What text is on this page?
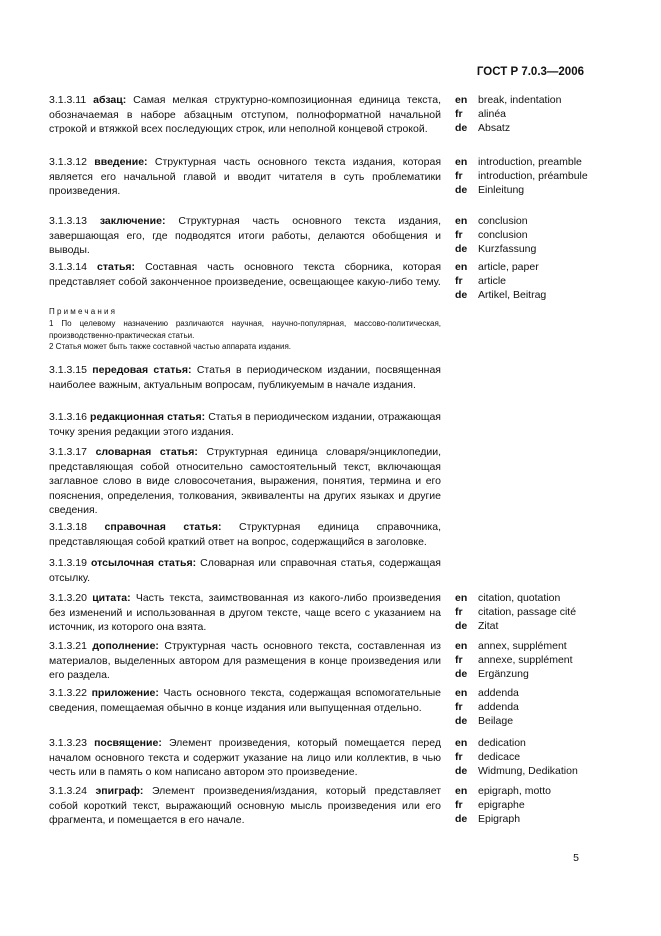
ГОСТ Р 7.0.3—2006
3.1.3.11 абзац: Самая мелкая структурно-композиционная единица текста, обозначаемая в наборе абзацным отступом, полноформатной начальной строкой и втяжкой всех последующих строк, или неполной концевой строкой.
en break, indentation
fr alinéa
de Absatz
3.1.3.12 введение: Структурная часть основного текста издания, которая является его начальной главой и вводит читателя в суть проблематики произведения.
en introduction, preamble
fr introduction, préambule
de Einleitung
3.1.3.13 заключение: Структурная часть основного текста издания, завершающая его, где подводятся итоги работы, делаются обобщения и выводы.
en conclusion
fr conclusion
de Kurzfassung
3.1.3.14 статья: Составная часть основного текста сборника, которая представляет собой законченное произведение, освещающее какую-либо тему.
en article, paper
fr article
de Artikel, Beitrag
Примечания
1 По целевому назначению различаются научная, научно-популярная, массово-политическая, производственно-практическая статьи.
2 Статья может быть также составной частью аппарата издания.
3.1.3.15 передовая статья: Статья в периодическом издании, посвященная наиболее важным, актуальным вопросам, публикуемым в начале издания.
3.1.3.16 редакционная статья: Статья в периодическом издании, отражающая точку зрения редакции этого издания.
3.1.3.17 словарная статья: Структурная единица словаря/энциклопедии, представляющая собой относительно самостоятельный текст, включающая заглавное слово в виде словосочетания, выражения, понятия, термина и его пояснения, определения, толкования, эквиваленты на других языках и другие сведения.
3.1.3.18 справочная статья: Структурная единица справочника, представляющая собой краткий ответ на вопрос, содержащийся в заголовке.
3.1.3.19 отсылочная статья: Словарная или справочная статья, содержащая отсылку.
3.1.3.20 цитата: Часть текста, заимствованная из какого-либо произведения без изменений и использованная в другом тексте, чаще всего с указанием на источник, из которого она взята.
en citation, quotation
fr citation, passage cité
de Zitat
3.1.3.21 дополнение: Структурная часть основного текста, составленная из материалов, выделенных автором для размещения в конце произведения или его раздела.
en annex, supplément
fr annexe, supplément
de Ergänzung
3.1.3.22 приложение: Часть основного текста, содержащая вспомогательные сведения, помещаемая обычно в конце издания или выпущенная отдельно.
en addenda
fr addenda
de Beilage
3.1.3.23 посвящение: Элемент произведения, который помещается перед началом основного текста и содержит указание на лицо или коллектив, в чью честь или в память о ком написано автором это произведение.
en dedication
fr dedicace
de Widmung, Dedikation
3.1.3.24 эпиграф: Элемент произведения/издания, который представляет собой короткий текст, выражающий основную мысль произведения или его фрагмента, и помещается в его начале.
en epigraph, motto
fr epigraphe
de Epigraph
5
